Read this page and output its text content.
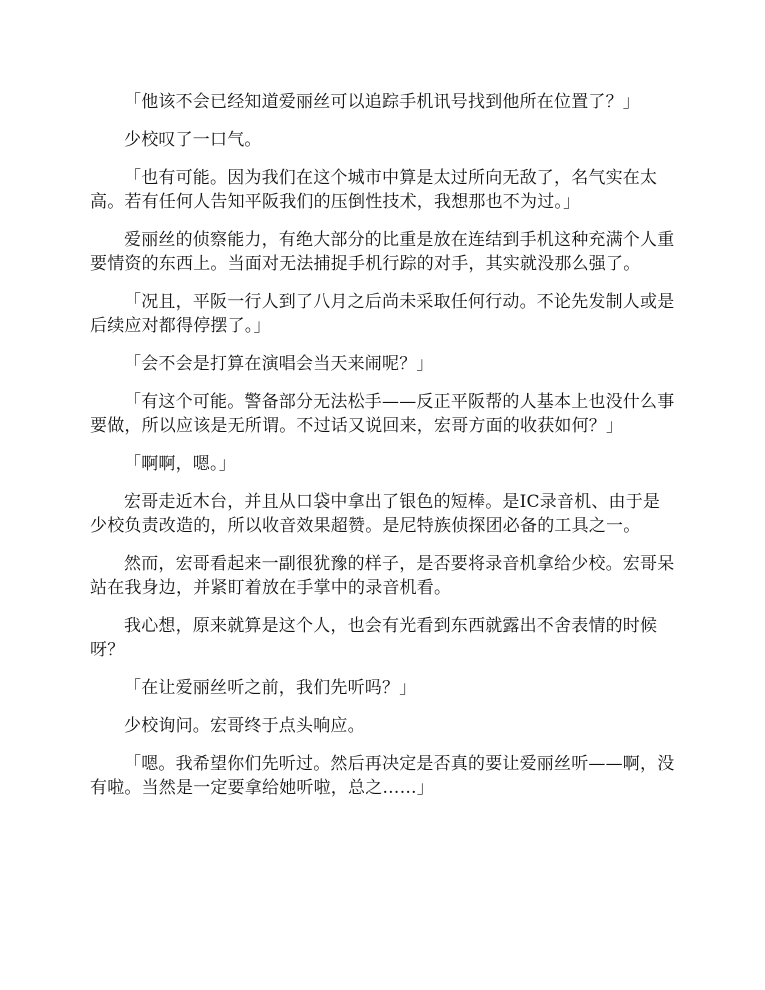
「他该不会已经知道爱丽丝可以追踪手机讯号找到他所在位置了？」

少校叹了一口气。

「也有可能。因为我们在这个城市中算是太过所向无敌了，名气实在太高。若有任何人告知平阪我们的压倒性技术，我想那也不为过。」

爱丽丝的侦察能力，有绝大部分的比重是放在连结到手机这种充满个人重要情资的东西上。当面对无法捕捉手机行踪的对手，其实就没那么强了。

「况且，平阪一行人到了八月之后尚未采取任何行动。不论先发制人或是后续应对都得停摆了。」

「会不会是打算在演唱会当天来闹呢？」

「有这个可能。警备部分无法松手——反正平阪帮的人基本上也没什么事要做，所以应该是无所谓。不过话又说回来，宏哥方面的收获如何？」

「啊啊，嗯。」

宏哥走近木台，并且从口袋中拿出了银色的短棒。是IC录音机、由于是少校负责改造的，所以收音效果超赞。是尼特族侦探团必备的工具之一。

然而，宏哥看起来一副很犹豫的样子，是否要将录音机拿给少校。宏哥呆站在我身边，并紧盯着放在手掌中的录音机看。

我心想，原来就算是这个人，也会有光看到东西就露出不舍表情的时候呀？

「在让爱丽丝听之前，我们先听吗？」

少校询问。宏哥终于点头响应。

「嗯。我希望你们先听过。然后再决定是否真的要让爱丽丝听——啊，没有啦。当然是一定要拿给她听啦，总之……」
